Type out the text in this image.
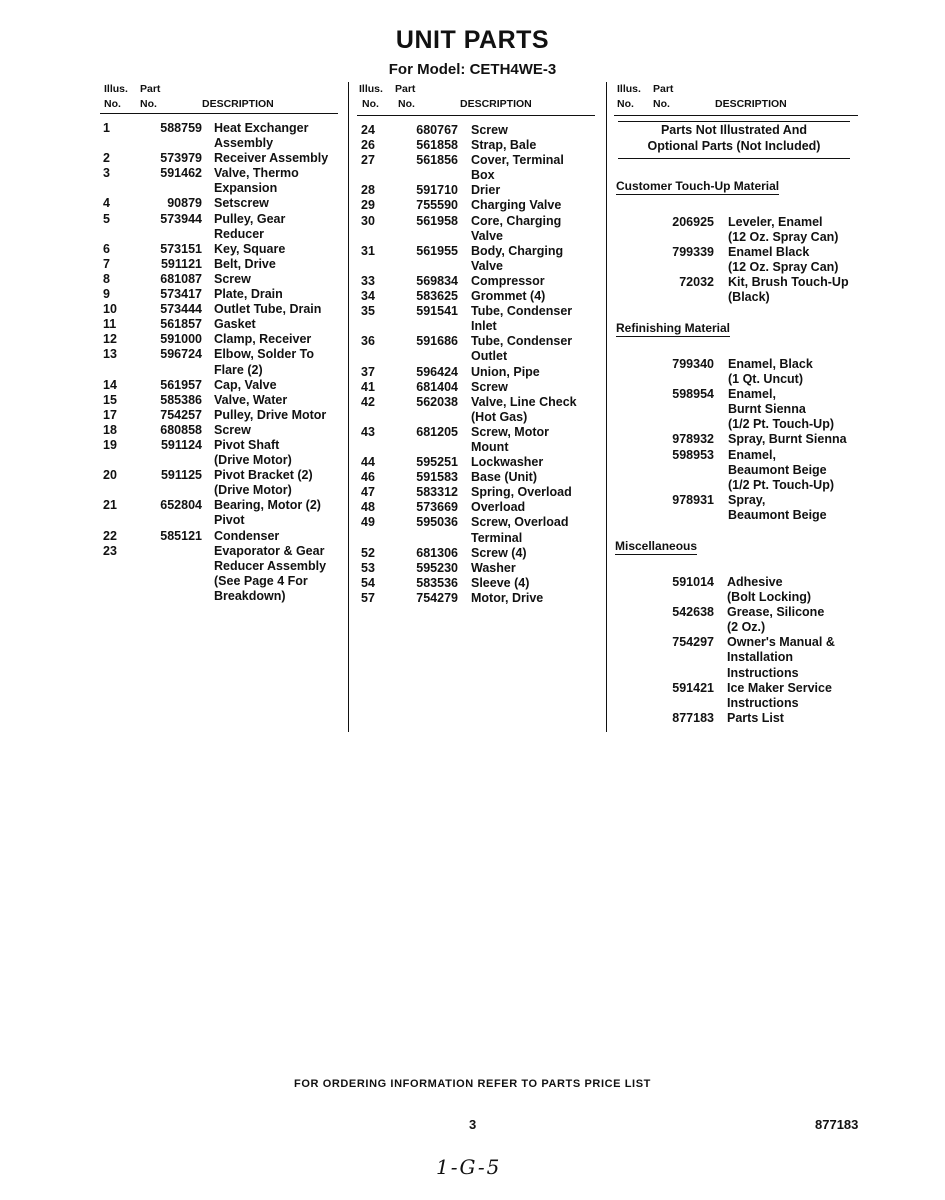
UNIT PARTS
For Model: CETH4WE-3
Illus. Part
No. No.	DESCRIPTION
Illus. Part
No. No.	DESCRIPTION
Illus. Part
No. No.	DESCRIPTION
1	588759 Heat Exchanger
Assembly
2	573979 Receiver Assembly
3	591462 Valve, Thermo
Expansion
4	90879 Setscrew
5	573944 Pulley, Gear
Reducer
6	573151 Key, Square
7	591121 Belt, Drive
8	681087 Screw
9	573417 Plate, Drain
10	573444 Outlet Tube, Drain
11	561857 Gasket
12	591000 Clamp, Receiver
13	596724 Elbow, Solder To
Flare (2)
14	561957 Cap, Valve
15	585386 Valve, Water
17	754257 Pulley, Drive Motor
18	680858 Screw
19	591124 Pivot Shaft
(Drive Motor)
20	591125 Pivot Bracket (2)
(Drive Motor)
21	652804 Bearing, Motor (2)
Pivot
22	585121 Condenser
23	Evaporator & Gear
Reducer Assembly
(See Page 4 For
Breakdown)
24	680767 Screw
26	561858 Strap, Bale
27	561856 Cover, Terminal
Box
28	591710 Drier
29	755590 Charging Valve
30	561958 Core, Charging
Valve
31	561955 Body, Charging
Valve
33	569834 Compressor
34	583625 Grommet (4)
35	591541 Tube, Condenser
Inlet
36	591686 Tube, Condenser
Outlet
37	596424 Union, Pipe
41	681404 Screw
42	562038 Valve, Line Check
(Hot Gas)
43	681205 Screw, Motor
Mount
44	595251 Lockwasher
46	591583 Base (Unit)
47	583312 Spring, Overload
48	573669 Overload
49	595036 Screw, Overload
Terminal
52	681306 Screw (4)
53	595230 Washer
54	583536 Sleeve (4)
57	754279 Motor, Drive
Parts Not Illustrated And
Optional Parts (Not Included)
Customer Touch-Up Material
206925 Leveler, Enamel
(12 Oz. Spray Can)
799339 Enamel Black
(12 Oz. Spray Can)
72032 Kit, Brush Touch-Up
(Black)
Refinishing Material
799340 Enamel, Black
(1 Qt. Uncut)
598954 Enamel,
Burnt Sienna
(1/2 Pt. Touch-Up)
978932 Spray, Burnt Sienna
598953 Enamel,
Beaumont Beige
(1/2 Pt. Touch-Up)
978931 Spray,
Beaumont Beige
Miscellaneous
591014 Adhesive
(Bolt Locking)
542638 Grease, Silicone
(2 Oz.)
754297 Owner's Manual &
Installation
Instructions
591421 Ice Maker Service
Instructions
877183 Parts List
FOR ORDERING INFORMATION REFER TO PARTS PRICE LIST
3	877183
1-G-5
